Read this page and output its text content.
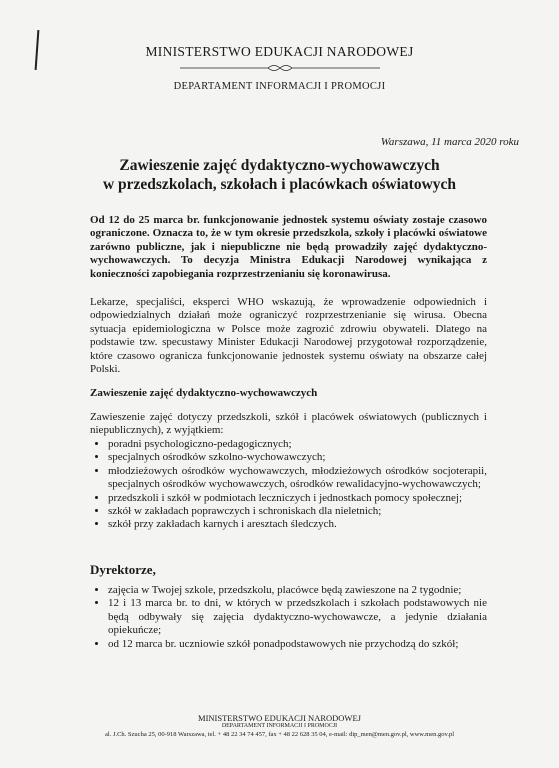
MINISTERSTWO EDUKACJI NARODOWEJ
DEPARTAMENT INFORMACJI I PROMOCJI
Warszawa, 11 marca 2020 roku
Zawieszenie zajęć dydaktyczno-wychowawczych
w przedszkolach, szkołach i placówkach oświatowych
Od 12 do 25 marca br. funkcjonowanie jednostek systemu oświaty zostaje czasowo ograniczone. Oznacza to, że w tym okresie przedszkola, szkoły i placówki oświatowe zarówno publiczne, jak i niepubliczne nie będą prowadziły zajęć dydaktyczno-wychowawczych. To decyzja Ministra Edukacji Narodowej wynikająca z konieczności zapobiegania rozprzestrzenianiu się koronawirusa.
Lekarze, specjaliści, eksperci WHO wskazują, że wprowadzenie odpowiednich i odpowiedzialnych działań może ograniczyć rozprzestrzenianie się wirusa. Obecna sytuacja epidemiologiczna w Polsce może zagrozić zdrowiu obywateli. Dlatego na podstawie tzw. specustawy Minister Edukacji Narodowej przygotował rozporządzenie, które czasowo ogranicza funkcjonowanie jednostek systemu oświaty na obszarze całej Polski.
Zawieszenie zajęć dydaktyczno-wychowawczych
Zawieszenie zajęć dotyczy przedszkoli, szkół i placówek oświatowych (publicznych i niepublicznych), z wyjątkiem:
• poradni psychologiczno-pedagogicznych;
• specjalnych ośrodków szkolno-wychowawczych;
• młodzieżowych ośrodków wychowawczych, młodzieżowych ośrodków socjoterapii, specjalnych ośrodków wychowawczych, ośrodków rewalidacyjno-wychowawczych;
• przedszkoli i szkół w podmiotach leczniczych i jednostkach pomocy społecznej;
• szkół w zakładach poprawczych i schroniskach dla nieletnich;
• szkół przy zakładach karnych i aresztach śledczych.
Dyrektorze,
• zajęcia w Twojej szkole, przedszkolu, placówce będą zawieszone na 2 tygodnie;
• 12 i 13 marca br. to dni, w których w przedszkolach i szkołach podstawowych nie będą odbywały się zajęcia dydaktyczno-wychowawcze, a jedynie działania opiekuńcze;
• od 12 marca br. uczniowie szkół ponadpodstawowych nie przychodzą do szkół;
MINISTERSTWO EDUKACJI NARODOWEJ
DEPARTAMENT INFORMACJI I PROMOCJI
al. J.Ch. Szucha 25, 00-918 Warszawa, tel. + 48 22 34 74 457, fax + 48 22 628 35 04, e-mail: dip_men@men.gov.pl, www.men.gov.pl
